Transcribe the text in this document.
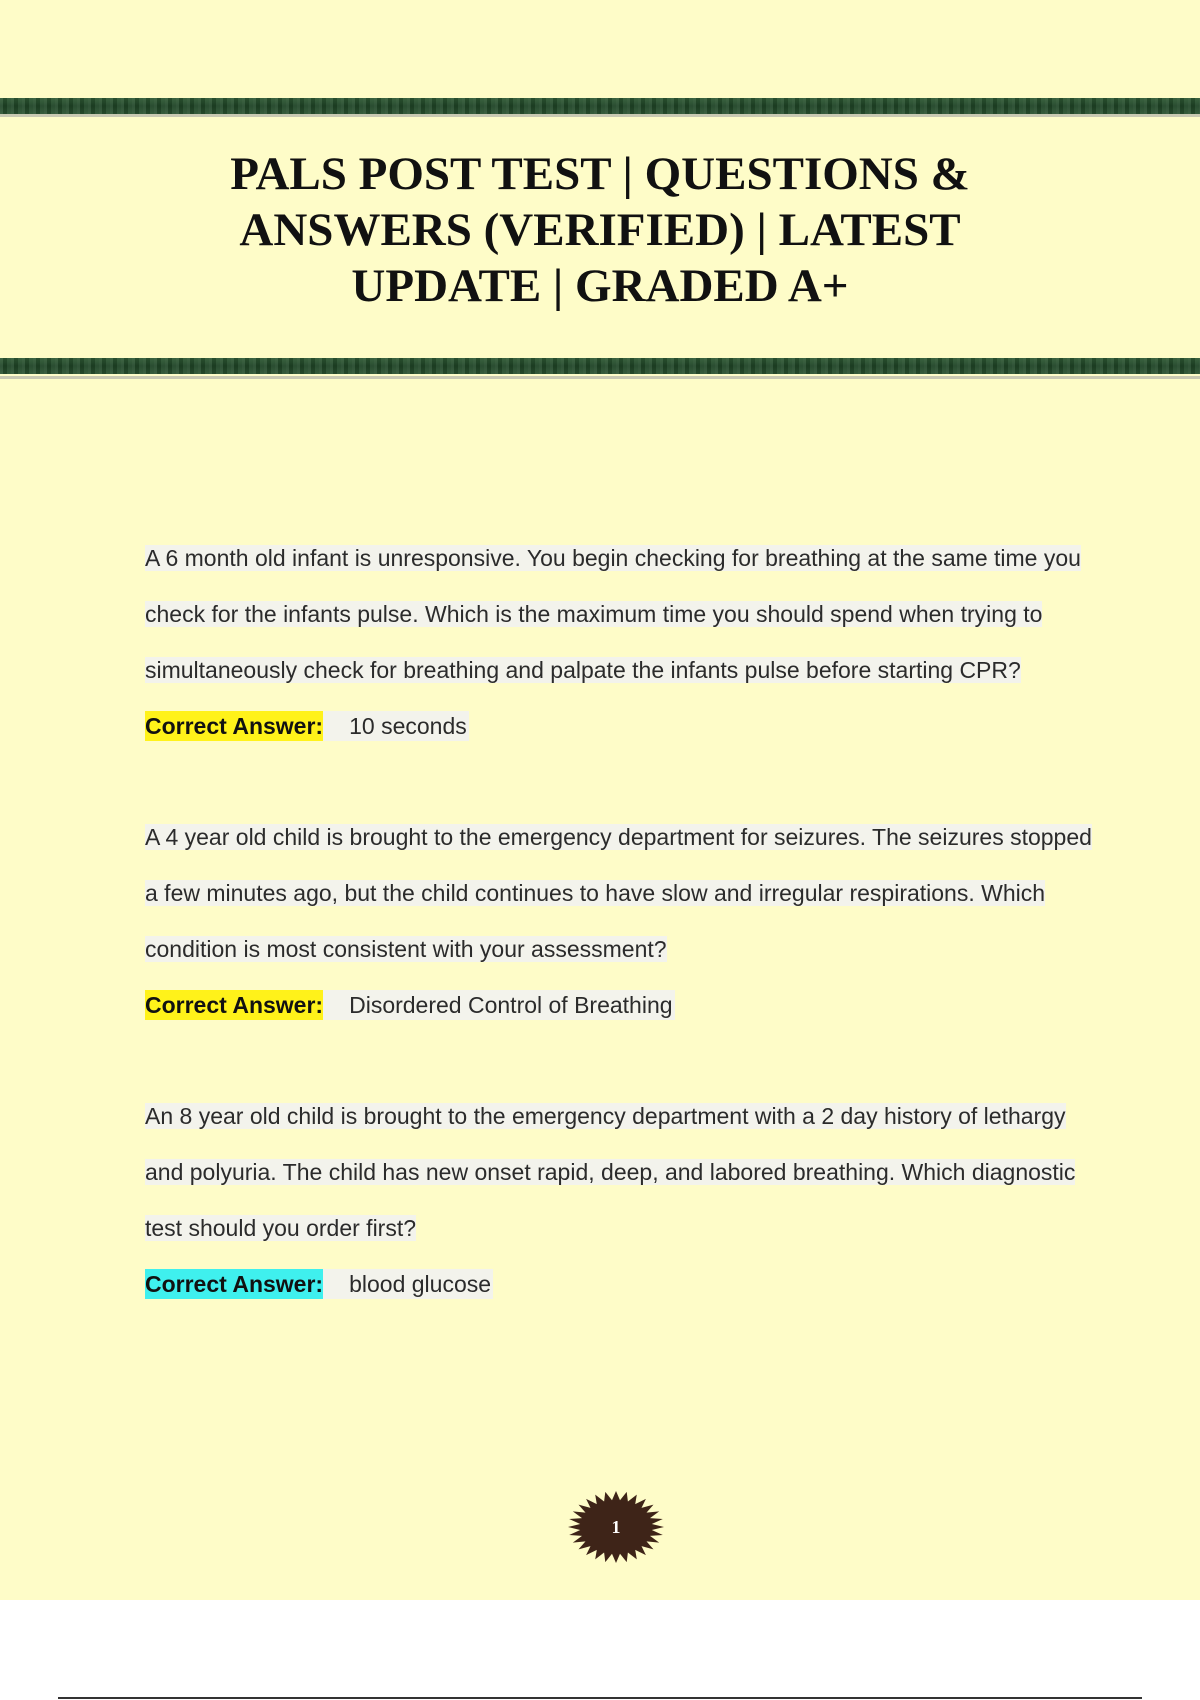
PALS POST TEST | QUESTIONS &
ANSWERS (VERIFIED) | LATEST
UPDATE | GRADED A+

A 6 month old infant is unresponsive. You begin checking for breathing at the same time you check for the infants pulse. Which is the maximum time you should spend when trying to simultaneously check for breathing and palpate the infants pulse before starting CPR?

Correct Answer: 10 seconds

A 4 year old child is brought to the emergency department for seizures. The seizures stopped a few minutes ago, but the child continues to have slow and irregular respirations. Which condition is most consistent with your assessment?

Correct Answer: Disordered Control of Breathing

An 8 year old child is brought to the emergency department with a 2 day history of lethargy and polyuria. The child has new onset rapid, deep, and labored breathing. Which diagnostic test should you order first?

Correct Answer: blood glucose

1
